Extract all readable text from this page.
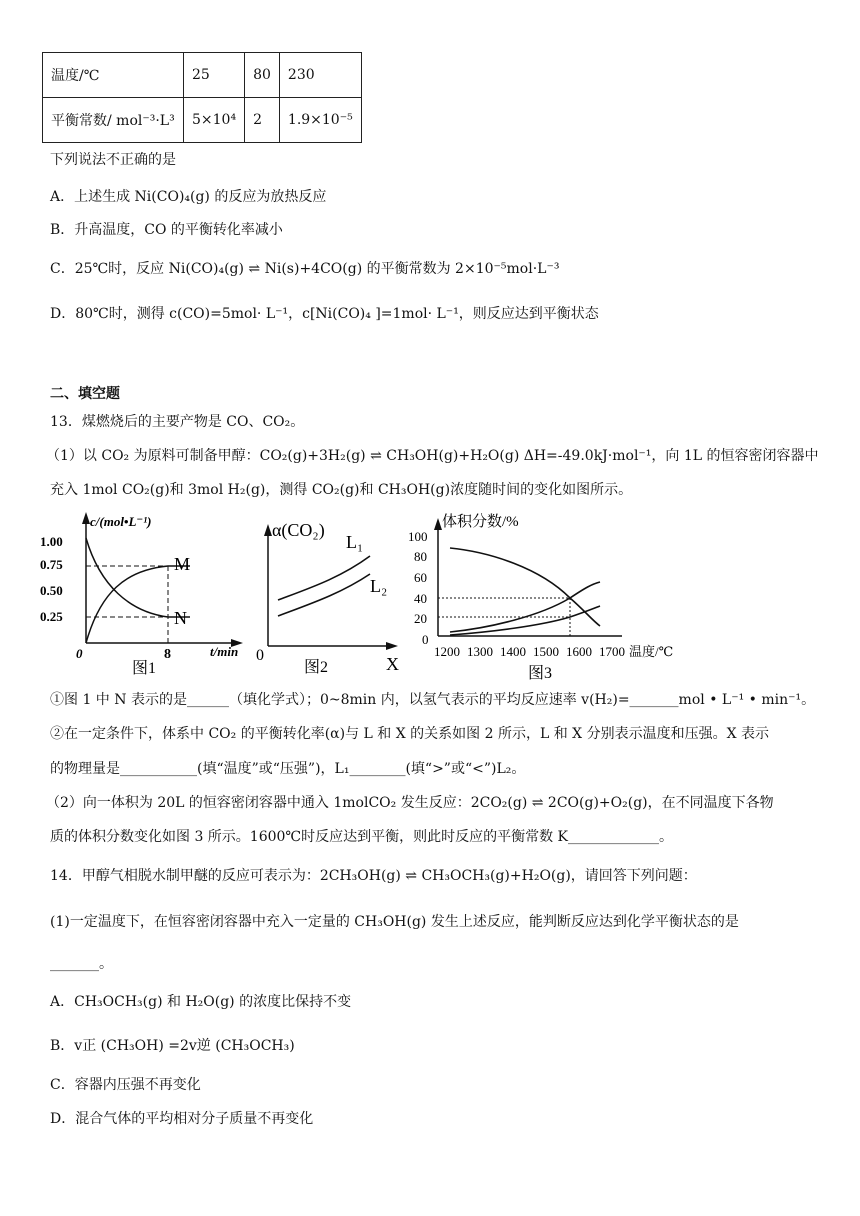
温度/℃	25	80	230
平衡常数/ mol⁻³·L³	5×10⁴	2	1.9×10⁻⁵
下列说法不正确的是
A．上述生成 Ni(CO)₄(g) 的反应为放热反应
B．升高温度，CO 的平衡转化率减小
C．25℃时，反应 Ni(CO)₄(g) ⇌ Ni(s)+4CO(g) 的平衡常数为 2×10⁻⁵mol·L⁻³
D．80℃时，测得 c(CO)=5mol· L⁻¹，c[Ni(CO)₄ ]=1mol· L⁻¹，则反应达到平衡状态
二、填空题
13．煤燃烧后的主要产物是 CO、CO₂。
（1）以 CO₂ 为原料可制备甲醇：CO₂(g)+3H₂(g) ⇌ CH₃OH(g)+H₂O(g) ΔH=-49.0kJ·mol⁻¹，向 1L 的恒容密闭容器中
充入 1mol CO₂(g)和 3mol H₂(g)，测得 CO₂(g)和 CH₃OH(g)浓度随时间的变化如图所示。
c/(mol•L⁻¹)
1.00
0.75
0.50
0.25
0	8	t/min
M
N
图1
α(CO₂)
0	X
L₁
L₂
图2
体积分数/%
100
80
60
40
20
0
1200 1300 1400 1500 1600 1700 温度/℃
图3
①图 1 中 N 表示的是______（填化学式）；0~8min 内，以氢气表示的平均反应速率 v(H₂)=_______mol • L⁻¹ • min⁻¹。
②在一定条件下，体系中 CO₂ 的平衡转化率(α)与 L 和 X 的关系如图 2 所示，L 和 X 分别表示温度和压强。X 表示
的物理量是___________(填“温度”或“压强”)，L₁________(填“>”或“<”)L₂。
（2）向一体积为 20L 的恒容密闭容器中通入 1molCO₂ 发生反应：2CO₂(g) ⇌ 2CO(g)+O₂(g)，在不同温度下各物
质的体积分数变化如图 3 所示。1600℃时反应达到平衡，则此时反应的平衡常数 K_____________。
14．甲醇气相脱水制甲醚的反应可表示为：2CH₃OH(g) ⇌ CH₃OCH₃(g)+H₂O(g)，请回答下列问题：
(1)一定温度下，在恒容密闭容器中充入一定量的 CH₃OH(g) 发生上述反应，能判断反应达到化学平衡状态的是
_______。
A．CH₃OCH₃(g) 和 H₂O(g) 的浓度比保持不变
B．v正 (CH₃OH) =2v逆 (CH₃OCH₃)
C．容器内压强不再变化
D．混合气体的平均相对分子质量不再变化
